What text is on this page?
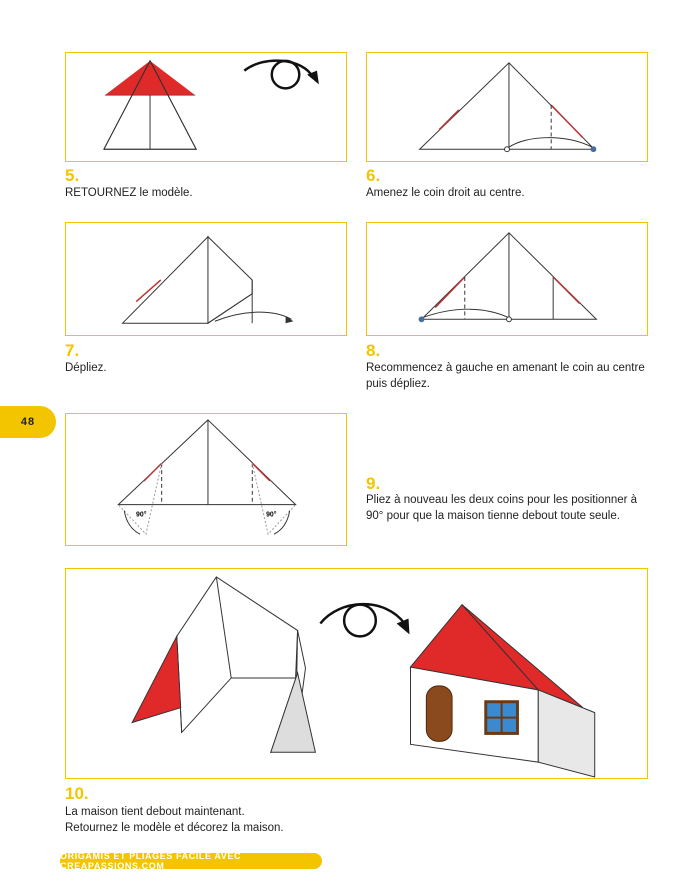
5.
RETOURNEZ le modèle.
6.
Amenez le coin droit au centre.
7.
Dépliez.
8.
Recommencez à gauche en amenant le coin au centre puis dépliez.
48
90°	90°
9.
Pliez à nouveau les deux coins pour les positionner à 90° pour que la maison tienne debout toute seule.
10.
La maison tient debout maintenant.
Retournez le modèle et décorez la maison.
ORIGAMIS ET PLIAGES FACILE AVEC CREAPASSIONS.COM
